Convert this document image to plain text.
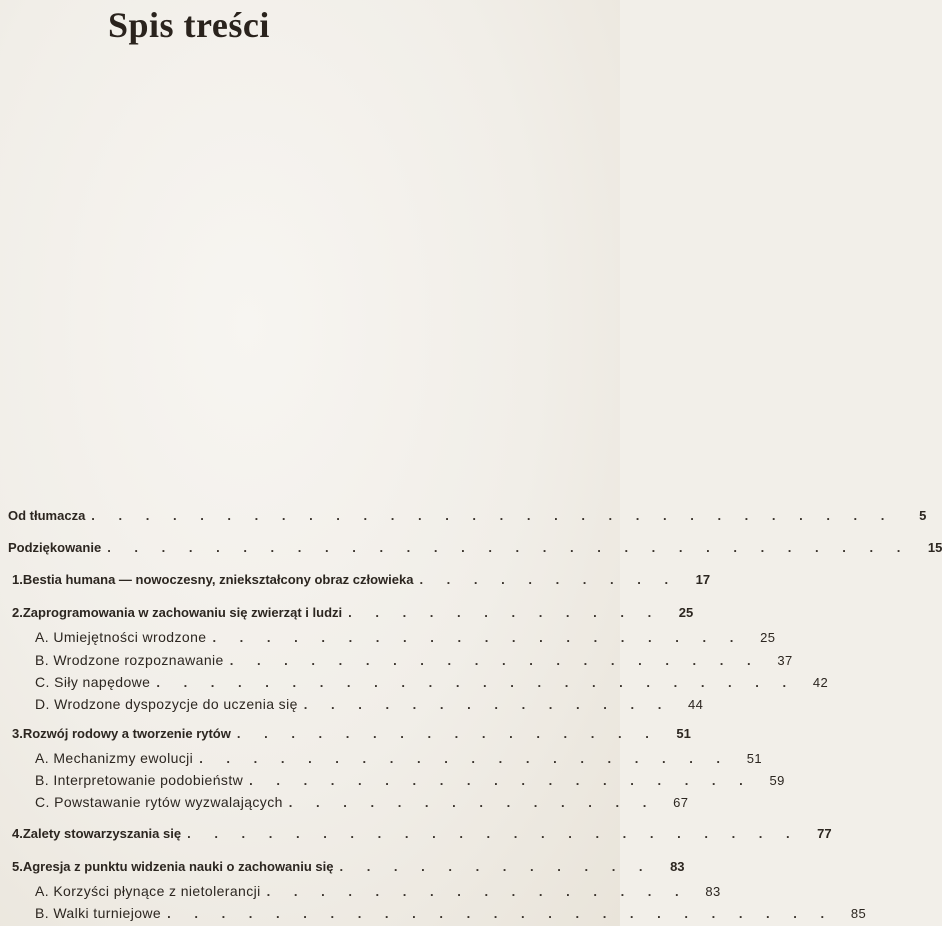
Spis treści
Od tłumacza . . . . . . . . . . . . . . . . . . . . . . . . . . . . . .	5
Podziękowanie . . . . . . . . . . . . . . . . . . . . . . . . . . . . . .	15
1. Bestia humana — nowoczesny, zniekształcony obraz człowieka . . . . . . . . . .	17
2. Zaprogramowania w zachowaniu się zwierząt i ludzi . . . . . . . . . . . .	25
A. Umiejętności wrodzone . . . . . . . . . . . . . . . . . . . .	25
B. Wrodzone rozpoznawanie . . . . . . . . . . . . . . . . . . . .	37
C. Siły napędowe . . . . . . . . . . . . . . . . . . . . . . . .	42
D. Wrodzone dyspozycje do uczenia się . . . . . . . . . . . . . .	44
3. Rozwój rodowy a tworzenie rytów . . . . . . . . . . . . . . . .	51
A. Mechanizmy ewolucji . . . . . . . . . . . . . . . . . . . .	51
B. Interpretowanie podobieństw . . . . . . . . . . . . . . . . . . .	59
C. Powstawanie rytów wyzwalających . . . . . . . . . . . . . .	67
4. Zalety stowarzyszania się . . . . . . . . . . . . . . . . . . . . . . .	77
5. Agresja z punktu widzenia nauki o zachowaniu się . . . . . . . . . . . .	83
A. Korzyści płynące z nietolerancji . . . . . . . . . . . . . . . .	83
B. Walki turniejowe . . . . . . . . . . . . . . . . . . . . . . . . .	85
